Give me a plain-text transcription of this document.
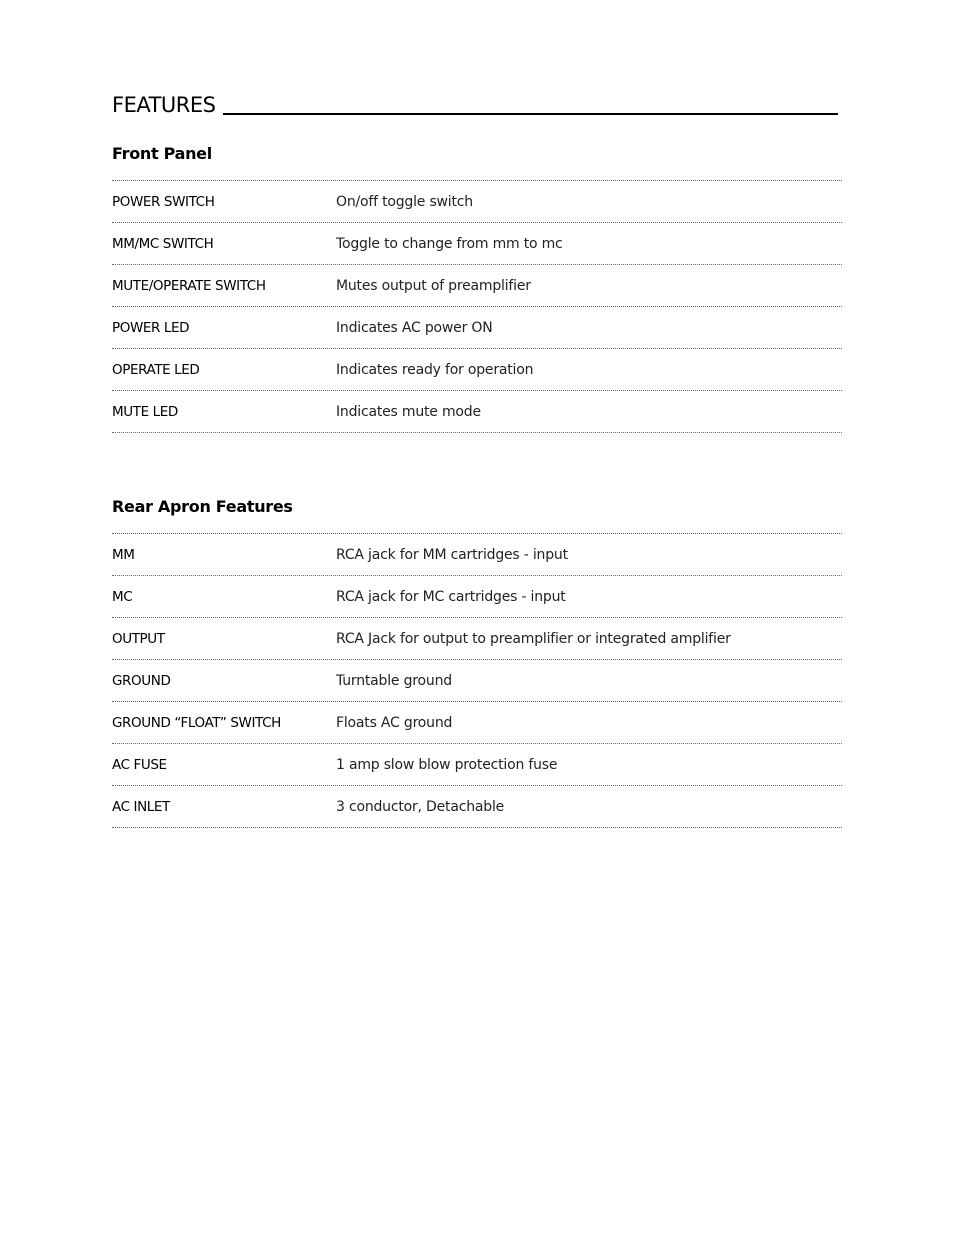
FEATURES
Front Panel
POWER SWITCH	On/off toggle switch
MM/MC SWITCH	Toggle to change from mm to mc
MUTE/OPERATE SWITCH	Mutes output of preamplifier
POWER LED	Indicates AC power ON
OPERATE LED	Indicates ready for operation
MUTE LED	Indicates mute mode
Rear Apron Features
MM	RCA jack for MM cartridges - input
MC	RCA jack for MC cartridges - input
OUTPUT	RCA Jack for output to preamplifier or integrated amplifier
GROUND	Turntable ground
GROUND “FLOAT” SWITCH	Floats AC ground
AC FUSE	1 amp slow blow protection fuse
AC INLET	3 conductor, Detachable
